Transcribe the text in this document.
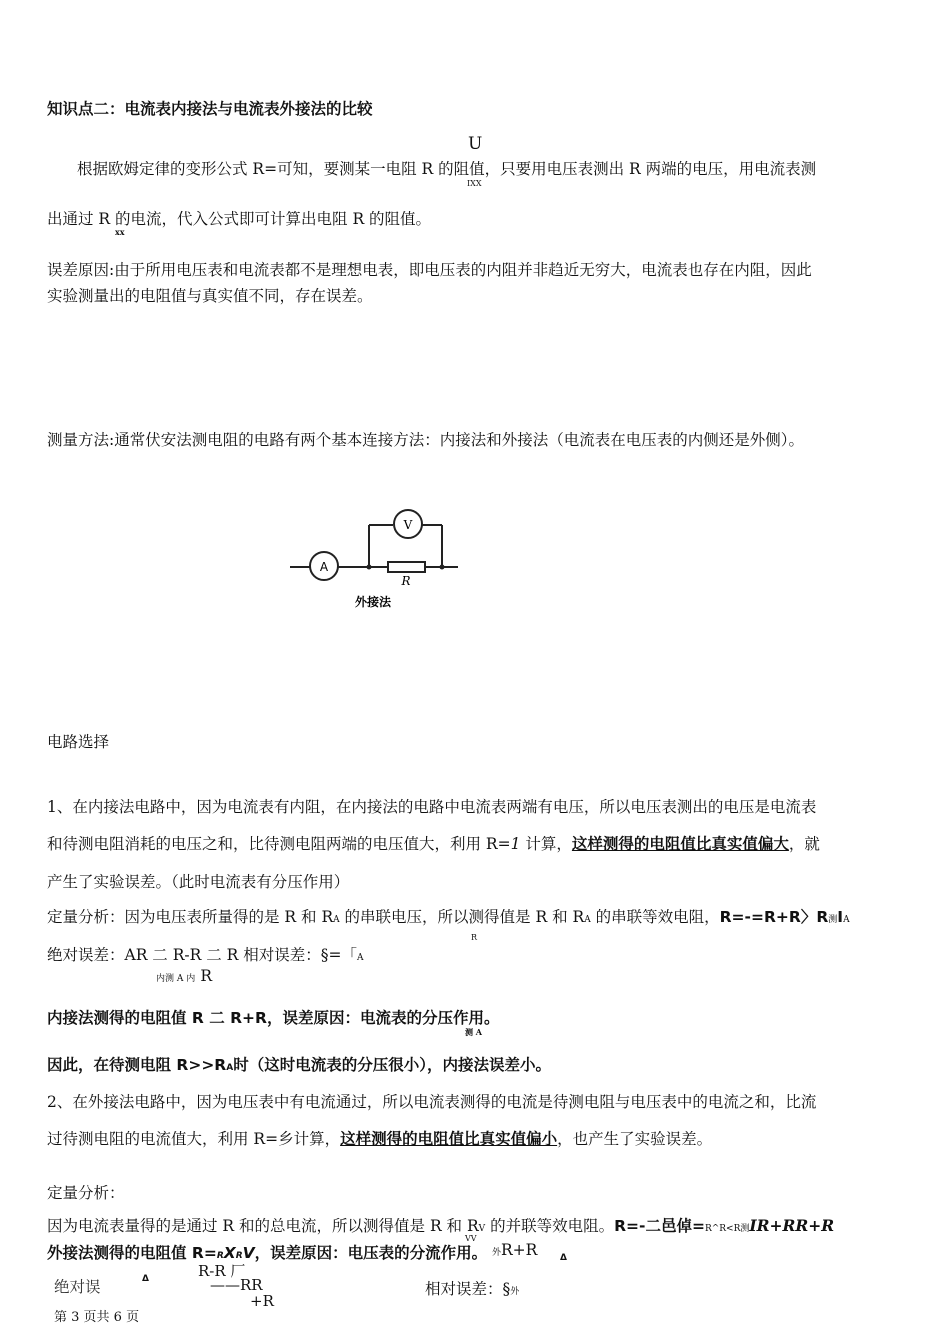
知识点二：电流表内接法与电流表外接法的比较
U
根据欧姆定律的变形公式 R=可知，要测某一电阻 R 的阻值，只要用电压表测出 R 两端的电压，用电流表测
IXX
出通过 R 的电流，代入公式即可计算出电阻 R 的阻值。
xx
误差原因:由于所用电压表和电流表都不是理想电表，即电压表的内阻并非趋近无穷大，电流表也存在内阻，因此
实验测量出的电阻值与真实值不同，存在误差。
测量方法:通常伏安法测电阻的电路有两个基本连接方法：内接法和外接法（电流表在电压表的内侧还是外侧）。
A
V
R
外接法
电路选择
1、在内接法电路中，因为电流表有内阻，在内接法的电路中电流表两端有电压，所以电压表测出的电压是电流表
和待测电阻消耗的电压之和，比待测电阻两端的电压值大，利用 R=1 计算，这样测得的电阻值比真实值偏大，就
产生了实验误差。（此时电流表有分压作用）
定量分析：因为电压表所量得的是 R 和 RA 的串联电压，所以测得值是 R 和 RA 的串联等效电阻，R=-=R+R〉R测IA
R
绝对误差：AR 二 R-R 二 R 相对误差：§=「A
内测 A 内 R
内接法测得的电阻值 R 二 R+R，误差原因：电流表的分压作用。
测 A
因此，在待测电阻 R>>RA时（这时电流表的分压很小），内接法误差小。
2、在外接法电路中，因为电压表中有电流通过，所以电流表测得的电流是待测电阻与电压表中的电流之和，比流
过待测电阻的电流值大，利用 R=乡计算，这样测得的电阻值比真实值偏小，也产生了实验误差。
定量分析：
因为电流表量得的是通过 R 和的总电流，所以测得值是 R 和 RV 的并联等效电阻。R=-二邑倬=R^R<R测IR+RR+R
外接法测得的电阻值 R=RXRV，误差原因：电压表的分流作用。
VV
外R+R	Δ
绝对误	Δ	R-R 厂
——RR
+R
相对误差：§外
第 3 页共 6 页
